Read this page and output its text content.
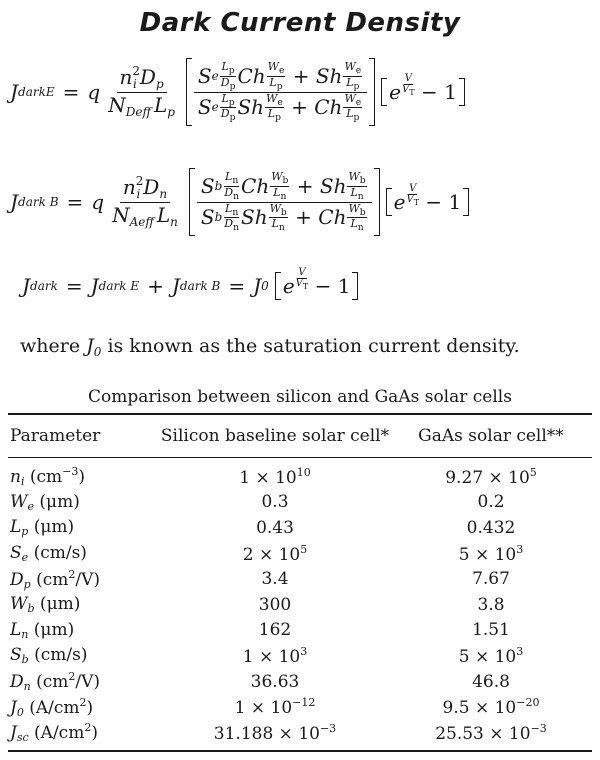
Dark Current Density
J darkE = q $\frac{n^2_i D_p}{N_{Deff} L_p}$ S e
$L_p$
$D_p$ Ch $W_e$
$L_p + Sh$ $W_e$
$L_p$
S e
$L_p$
$D_p$ Sh $W_e$
$L_p + Ch$ $W_e$
$L_p$ e
V
$V_T - 1$
J dark B = q $\frac{n^2_i D_n}{N_{Aeff} L_n}$ S b
$L_n$
$D_n$ Ch $W_b$
$L_n + Sh$ $W_b$
$L_n$
S b
$L_n$
$D_n$ Sh $W_b$
$L_n + Ch$ $W_b$
$L_n$ e
V
$V_T - 1$
J dark = J dark E + J dark B = J 0 e
V
$V_T - 1$
where $J_0$ is known as the saturation current density.
Comparison between silicon and GaAs solar cells
Parameter	Silicon baseline solar cell*	GaAs solar cell**
$n_i$ $(cm^{-3})$	$1 \times 10^{10}$	$9.27 \times 10^5$
$W_e$ (μm)	0.3	0.2
$L_p$ (μm)	0.43	0.432
$S_e$ (cm/s)	$2 \times 10^5$	$5 \times 10^3$
$D_p$ $(cm^2/V)$	3.4	7.67
$W_b$ (μm)	300	3.8
$L_n$ (μm)	162	1.51
$S_b$ (cm/s)	$1 \times 10^3$	$5 \times 10^3$
$D_n$ $(cm^2/V)$	36.63	46.8
$J_0$ $(A/cm^2)$	$1 \times 10^{-12}$	$9.5 \times 10^{-20}$
$J_{sc}$ $(A/cm^2)$	$31.188 \times 10^{-3}$	$25.53 \times 10^{-3}$
